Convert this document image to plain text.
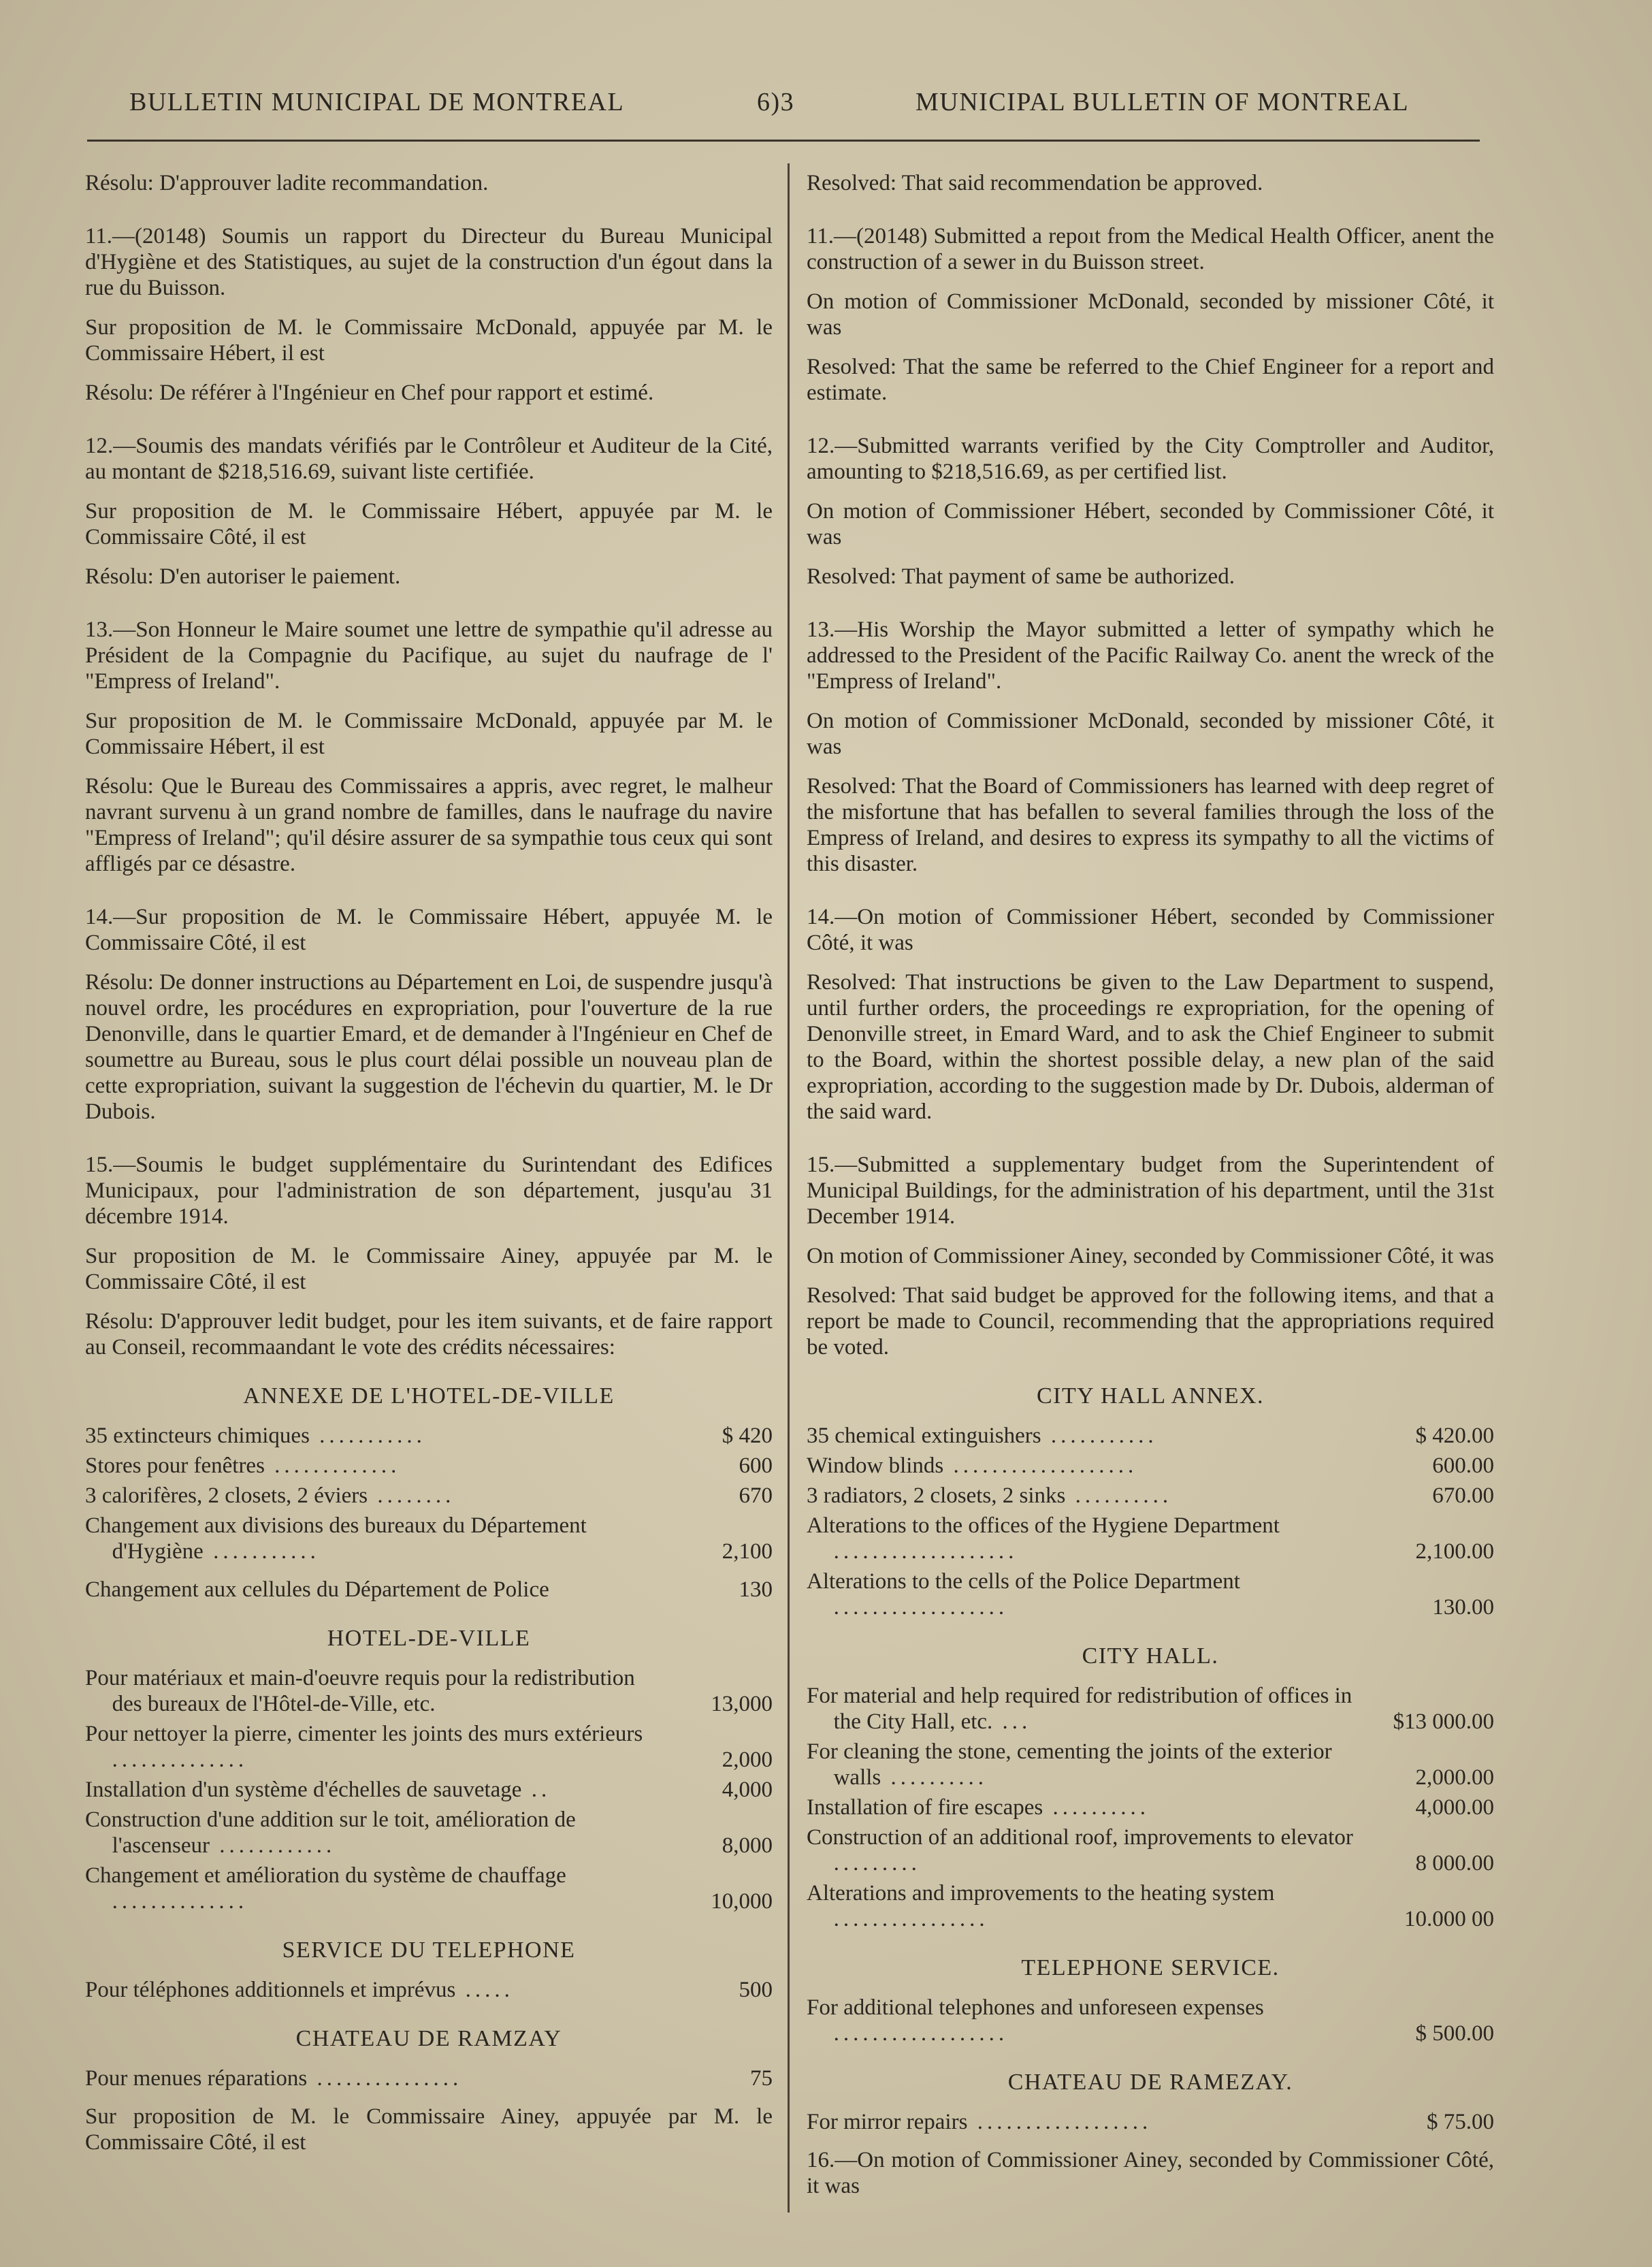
BULLETIN MUNICIPAL DE MONTREAL	6)3	MUNICIPAL BULLETIN OF MONTREAL

Résolu: D'approuver ladite recommandation.

11.—(20148) Soumis un rapport du Directeur du Bureau Municipal d'Hygiène et des Statistiques, au sujet de la construction d'un égout dans la rue du Buisson.

Sur proposition de M. le Commissaire McDonald, appuyée par M. le Commissaire Hébert, il est

Résolu: De référer à l'Ingénieur en Chef pour rapport et estimé.

12.—Soumis des mandats vérifiés par le Contrôleur et Auditeur de la Cité, au montant de $218,516.69, suivant liste certifiée.

Sur proposition de M. le Commissaire Hébert, appuyée par M. le Commissaire Côté, il est

Résolu: D'en autoriser le paiement.

13.—Son Honneur le Maire soumet une lettre de sympathie qu'il adresse au Président de la Compagnie du Pacifique, au sujet du naufrage de l' "Empress of Ireland".

Sur proposition de M. le Commissaire McDonald, appuyée par M. le Commissaire Hébert, il est

Résolu: Que le Bureau des Commissaires a appris, avec regret, le malheur navrant survenu à un grand nombre de familles, dans le naufrage du navire "Empress of Ireland"; qu'il désire assurer de sa sympathie tous ceux qui sont affligés par ce désastre.

14.—Sur proposition de M. le Commissaire Hébert, appuyée M. le Commissaire Côté, il est

Résolu: De donner instructions au Département en Loi, de suspendre jusqu'à nouvel ordre, les procédures en expropriation, pour l'ouverture de la rue Denonville, dans le quartier Emard, et de demander à l'Ingénieur en Chef de soumettre au Bureau, sous le plus court délai possible un nouveau plan de cette expropriation, suivant la suggestion de l'échevin du quartier, M. le Dr Dubois.

15.—Soumis le budget supplémentaire du Surintendant des Edifices Municipaux, pour l'administration de son département, jusqu'au 31 décembre 1914.

Sur proposition de M. le Commissaire Ainey, appuyée par M. le Commissaire Côté, il est

Résolu: D'approuver ledit budget, pour les item suivants, et de faire rapport au Conseil, recommaandant le vote des crédits nécessaires:

ANNEXE DE L'HOTEL-DE-VILLE
35 extincteurs chimiques ...........	$ 420
Stores pour fenêtres .............	600
3 calorifères, 2 closets, 2 éviers ........	670
Changement aux divisions des bureaux du Département d'Hygiène ...........	2,100
Changement aux cellules du Département de Police	130
HOTEL-DE-VILLE
Pour matériaux et main-d'oeuvre requis pour la redistribution des bureaux de l'Hôtel-de-Ville, etc.	13,000
Pour nettoyer la pierre, cimenter les joints des murs extérieurs ..............	2,000
Installation d'un système d'échelles de sauvetage ..	4,000
Construction d'une addition sur le toit, amélioration de l'ascenseur ............	8,000
Changement et amélioration du système de chauffage ..............	10,000
SERVICE DU TELEPHONE
Pour téléphones additionnels et imprévus .....	500
CHATEAU DE RAMZAY
Pour menues réparations ...............	75

Sur proposition de M. le Commissaire Ainey, appuyée par M. le Commissaire Côté, il est

Resolved: That said recommendation be approved.

11.—(20148) Submitted a repoıt from the Medical Health Officer, anent the construction of a sewer in du Buisson street.

On motion of Commissioner McDonald, seconded by missioner Côté, it was

Resolved: That the same be referred to the Chief Engineer for a report and estimate.

12.—Submitted warrants verified by the City Comptroller and Auditor, amounting to $218,516.69, as per certified list.

On motion of Commissioner Hébert, seconded by Commissioner Côté, it was

Resolved: That payment of same be authorized.

13.—His Worship the Mayor submitted a letter of sympathy which he addressed to the President of the Pacific Railway Co. anent the wreck of the "Empress of Ireland".

On motion of Commissioner McDonald, seconded by missioner Côté, it was

Resolved: That the Board of Commissioners has learned with deep regret of the misfortune that has befallen to several families through the loss of the Empress of Ireland, and desires to express its sympathy to all the victims of this disaster.

14.—On motion of Commissioner Hébert, seconded by Commissioner Côté, it was

Resolved: That instructions be given to the Law Department to suspend, until further orders, the proceedings re expropriation, for the opening of Denonville street, in Emard Ward, and to ask the Chief Engineer to submit to the Board, within the shortest possible delay, a new plan of the said expropriation, according to the suggestion made by Dr. Dubois, alderman of the said ward.

15.—Submitted a supplementary budget from the Superintendent of Municipal Buildings, for the administration of his department, until the 31st December 1914.

On motion of Commissioner Ainey, seconded by Commissioner Côté, it was

Resolved: That said budget be approved for the following items, and that a report be made to Council, recommending that the appropriations required be voted.

CITY HALL ANNEX.
35 chemical extinguishers ...........	$ 420.00
Window blinds ...................	600.00
3 radiators, 2 closets, 2 sinks ..........	670.00
Alterations to the offices of the Hygiene Department ...................	2,100.00
Alterations to the cells of the Police Department ..................	130.00
CITY HALL.
For material and help required for redistribution of offices in the City Hall, etc. ...	$13 000.00
For cleaning the stone, cementing the joints of the exterior walls ..........	2,000.00
Installation of fire escapes ..........	4,000.00
Construction of an additional roof, improvements to elevator .........	8 000.00
Alterations and improvements to the heating system ................	10.000 00
TELEPHONE SERVICE.
For additional telephones and unforeseen expenses ..................	$ 500.00
CHATEAU DE RAMEZAY.
For mirror repairs ..................	$ 75.00

16.—On motion of Commissioner Ainey, seconded by Commissioner Côté, it was
